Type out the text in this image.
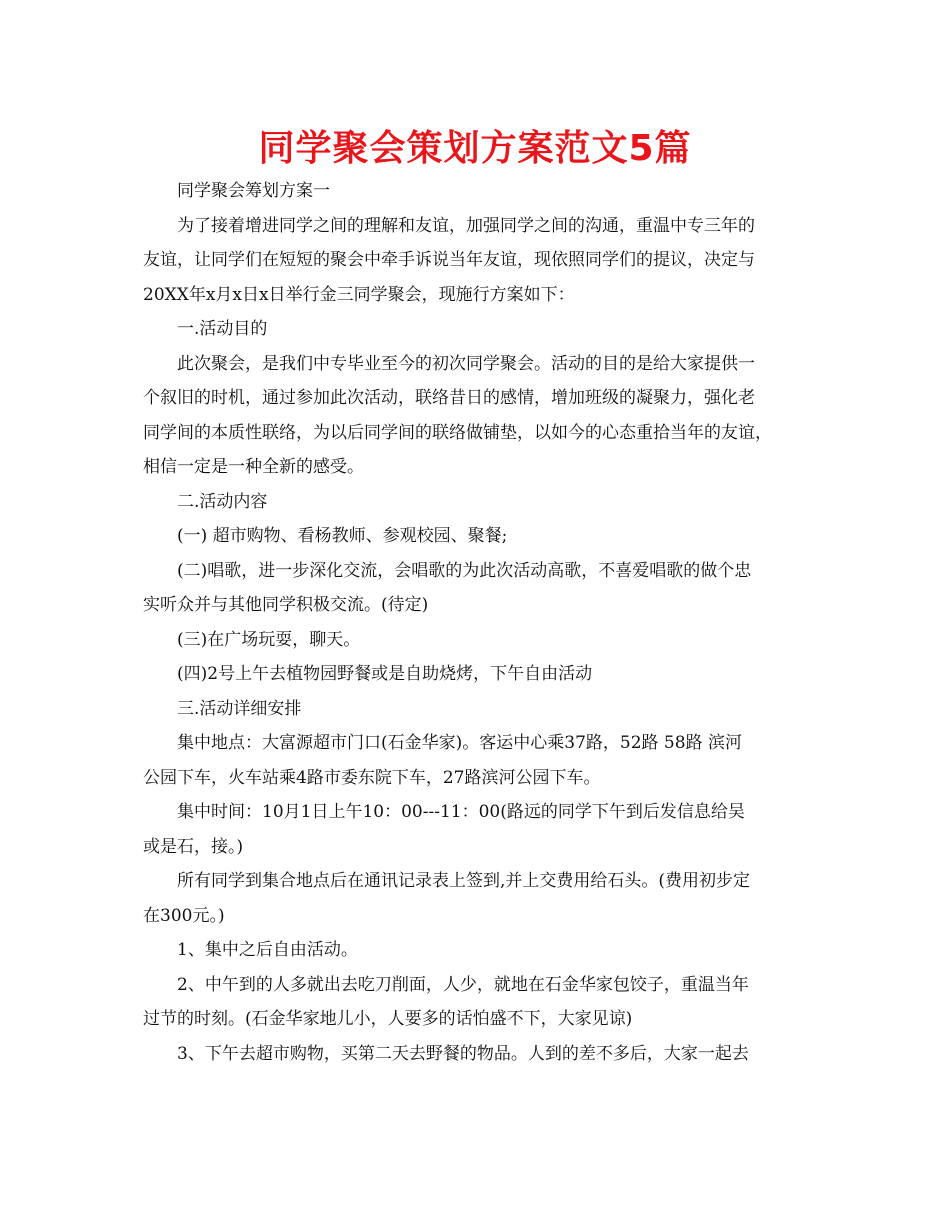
同学聚会策划方案范文5篇
同学聚会筹划方案一
为了接着增进同学之间的理解和友谊，加强同学之间的沟通，重温中专三年的
友谊，让同学们在短短的聚会中牵手诉说当年友谊，现依照同学们的提议，决定与
20XX年x月x日x日举行金三同学聚会，现施行方案如下：
一.活动目的
此次聚会，是我们中专毕业至今的初次同学聚会。活动的目的是给大家提供一
个叙旧的时机，通过参加此次活动，联络昔日的感情，增加班级的凝聚力，强化老
同学间的本质性联络，为以后同学间的联络做铺垫，以如今的心态重拾当年的友谊，
相信一定是一种全新的感受。
二.活动内容
(一) 超市购物、看杨教师、参观校园、聚餐;
(二)唱歌，进一步深化交流，会唱歌的为此次活动高歌，不喜爱唱歌的做个忠
实听众并与其他同学积极交流。(待定)
(三)在广场玩耍，聊天。
(四)2号上午去植物园野餐或是自助烧烤，下午自由活动
三.活动详细安排
集中地点：大富源超市门口(石金华家)。客运中心乘37路，52路 58路 滨河
公园下车，火车站乘4路市委东院下车，27路滨河公园下车。
集中时间：10月1日上午10：00---11：00(路远的同学下午到后发信息给吴
或是石，接。)
所有同学到集合地点后在通讯记录表上签到,并上交费用给石头。(费用初步定
在300元。)
1、集中之后自由活动。
2、中午到的人多就出去吃刀削面，人少，就地在石金华家包饺子，重温当年
过节的时刻。(石金华家地儿小，人要多的话怕盛不下，大家见谅)
3、下午去超市购物，买第二天去野餐的物品。人到的差不多后，大家一起去
